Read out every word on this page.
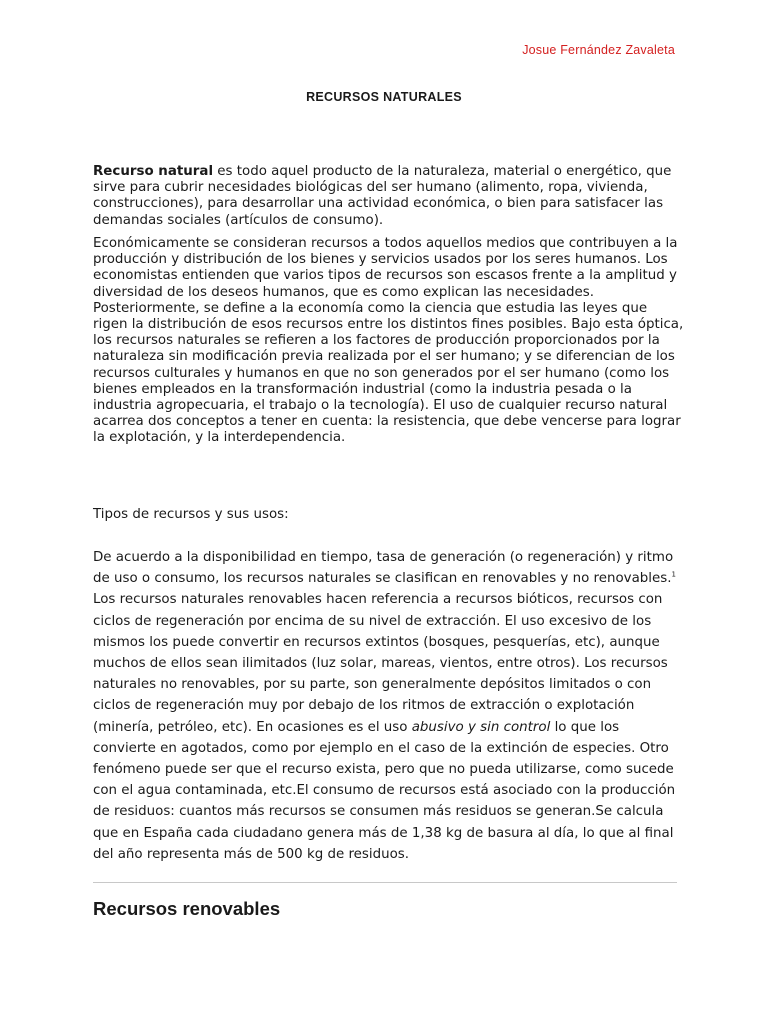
Josue Fernández Zavaleta
RECURSOS NATURALES

Recurso natural es todo aquel producto de la naturaleza, material o energético, que sirve para cubrir necesidades biológicas del ser humano (alimento, ropa, vivienda, construcciones), para desarrollar una actividad económica, o bien para satisfacer las demandas sociales (artículos de consumo).

Económicamente se consideran recursos a todos aquellos medios que contribuyen a la producción y distribución de los bienes y servicios usados por los seres humanos. Los economistas entienden que varios tipos de recursos son escasos frente a la amplitud y diversidad de los deseos humanos, que es como explican las necesidades. Posteriormente, se define a la economía como la ciencia que estudia las leyes que rigen la distribución de esos recursos entre los distintos fines posibles. Bajo esta óptica, los recursos naturales se refieren a los factores de producción proporcionados por la naturaleza sin modificación previa realizada por el ser humano; y se diferencian de los recursos culturales y humanos en que no son generados por el ser humano (como los bienes empleados en la transformación industrial (como la industria pesada o la industria agropecuaria, el trabajo o la tecnología). El uso de cualquier recurso natural acarrea dos conceptos a tener en cuenta: la resistencia, que debe vencerse para lograr la explotación, y la interdependencia.

Tipos de recursos y sus usos:

De acuerdo a la disponibilidad en tiempo, tasa de generación (o regeneración) y ritmo de uso o consumo, los recursos naturales se clasifican en renovables y no renovables.$^1$ Los recursos naturales renovables hacen referencia a recursos bióticos, recursos con ciclos de regeneración por encima de su nivel de extracción. El uso excesivo de los mismos los puede convertir en recursos extintos (bosques, pesquerías, etc), aunque muchos de ellos sean ilimitados (luz solar, mareas, vientos, entre otros). Los recursos naturales no renovables, por su parte, son generalmente depósitos limitados o con ciclos de regeneración muy por debajo de los ritmos de extracción o explotación (minería, petróleo, etc). En ocasiones es el uso abusivo y sin control lo que los convierte en agotados, como por ejemplo en el caso de la extinción de especies. Otro fenómeno puede ser que el recurso exista, pero que no pueda utilizarse, como sucede con el agua contaminada, etc.El consumo de recursos está asociado con la producción de residuos: cuantos más recursos se consumen más residuos se generan.Se calcula que en España cada ciudadano genera más de 1,38 kg de basura al día, lo que al final del año representa más de 500 kg de residuos.

Recursos renovables
